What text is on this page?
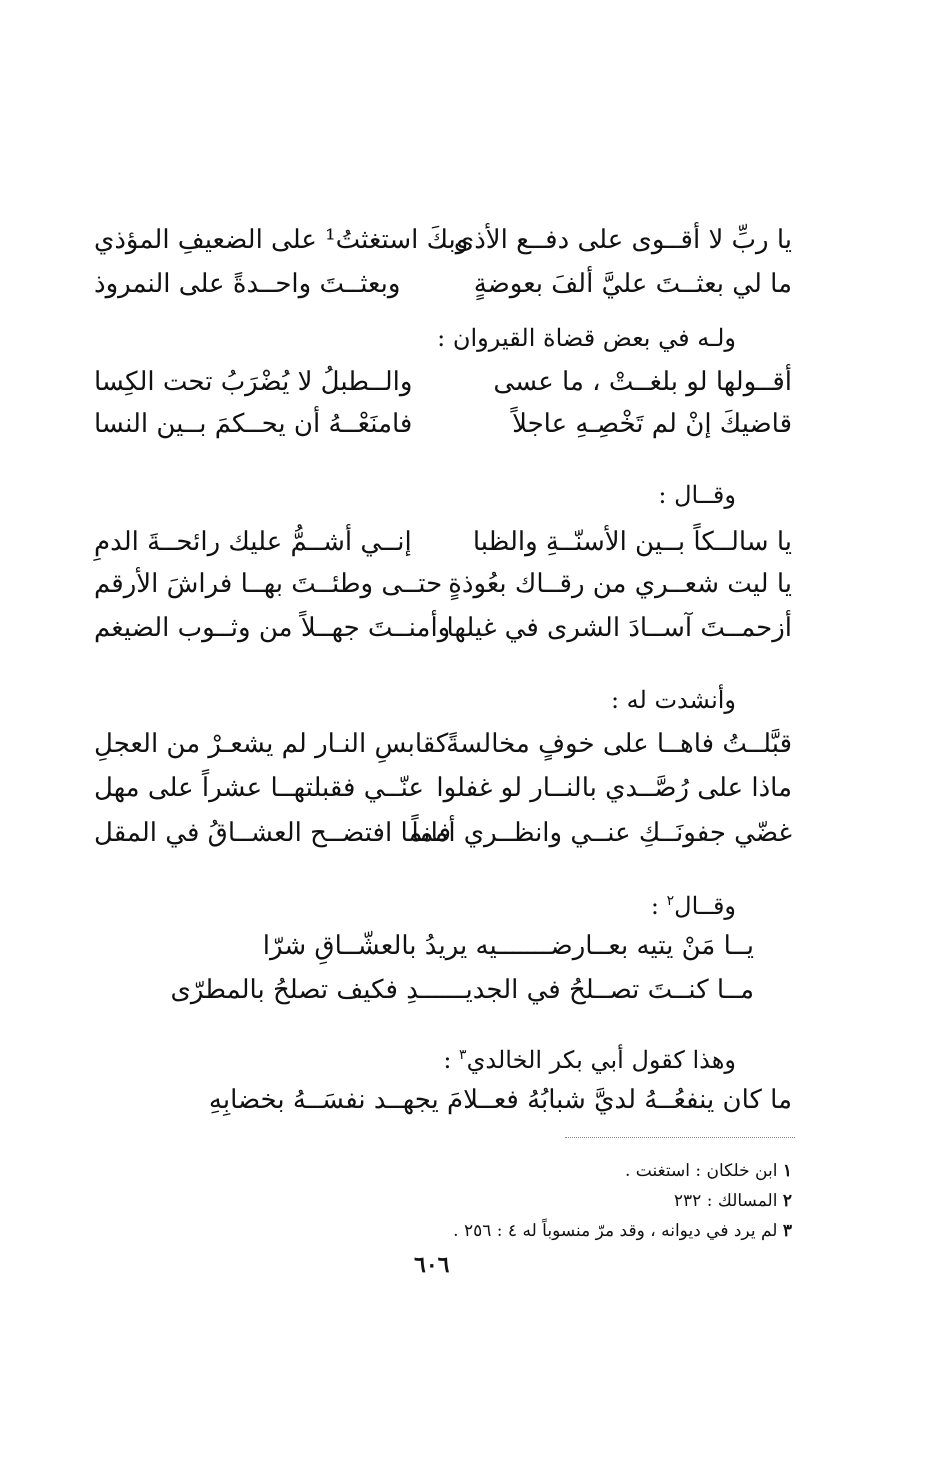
يا ربِّ لا أقــوى على دفــع الأذى
وبكَ استغثتُ¹ على الضعيفِ المؤذي
ما لي بعثــتَ عليَّ ألفَ بعوضةٍ
وبعثــتَ واحــدةً على النمروذ
ولـه في بعض قضاة القيروان :
أقــولها لو بلغــتْ ، ما عسى
والــطبلُ لا يُضْرَبُ تحت الكِسا
قاضيكَ إنْ لم تَخْصِـهِ عاجلاً
فامنَعْــهُ أن يحــكمَ بــين النسا
وقــال :
يا سالــكاً بــين الأسنّــةِ والظبا
إنــي أشــمُّ عليك رائحــةَ الدمِ
يا ليت شعــري من رقــاك بعُوذةٍ
حتــى وطئــتَ بهــا فراشَ الأرقم
أزحمــتَ آســادَ الشرى في غيلها
وأمنــتَ جهــلاً من وثــوب الضيغم
وأنشدت له :
قبَّلــتُ فاهــا على خوفٍ مخالسةً
كقابسِ النـار لم يشعـرْ من العجلِ
ماذا على رُصَّــدي بالنــار لو غفلوا
عنّــي فقبلتهــا عشراً على مهل
غضّي جفونَــكِ عنــي وانظــري أمماً
فانما افتضــح العشــاقُ في المقل
وقــال$^٢$ :
يــا مَنْ يتيه بعــارضـــــــيه يريدُ بالعشّــاقِ شرّا
مــا كنــتَ تصــلحُ في الجديــــــدِ فكيف تصلحُ بالمطرّى
وهذا كقول أبي بكر الخالدي$^٣$ :
ما كان ينفعُــهُ لديَّ شبابُهُ فعــلامَ يجهــد نفسَــهُ بخضابِهِ
١ ابن خلكان : استغنت .
٢ المسالك : ٢٣٢
٣ لم يرد في ديوانه ، وقد مرّ منسوباً له ٤ : ٢٥٦ .
٦٠٦
